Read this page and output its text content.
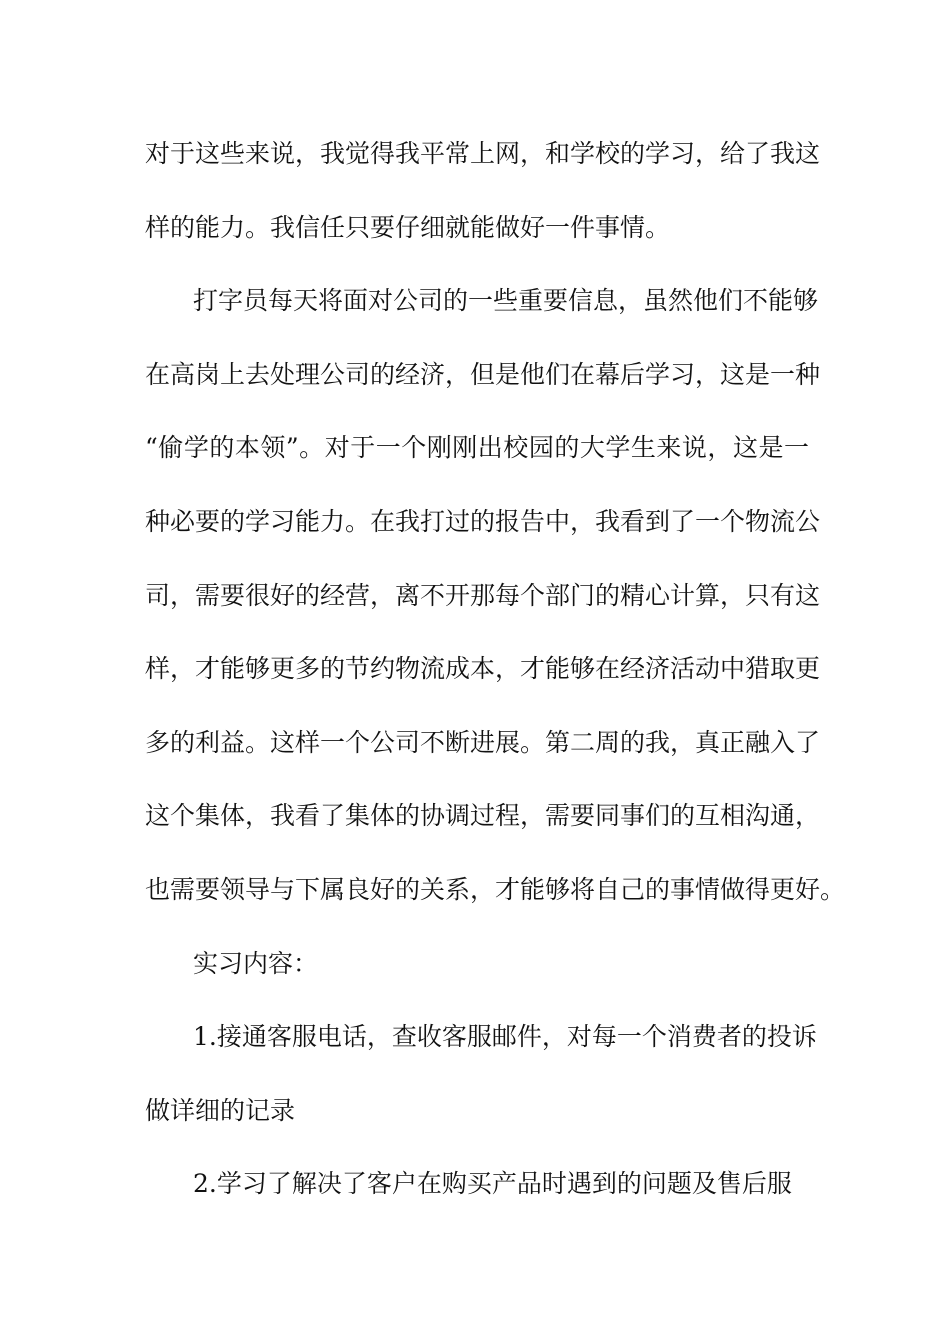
对于这些来说，我觉得我平常上网，和学校的学习，给了我这
样的能力。我信任只要仔细就能做好一件事情。
打字员每天将面对公司的一些重要信息，虽然他们不能够
在高岗上去处理公司的经济，但是他们在幕后学习，这是一种
“偷学的本领”。对于一个刚刚出校园的大学生来说，这是一
种必要的学习能力。在我打过的报告中，我看到了一个物流公
司，需要很好的经营，离不开那每个部门的精心计算，只有这
样，才能够更多的节约物流成本，才能够在经济活动中猎取更
多的利益。这样一个公司不断进展。第二周的我，真正融入了
这个集体，我看了集体的协调过程，需要同事们的互相沟通，
也需要领导与下属良好的关系，才能够将自己的事情做得更好。
实习内容：
1.接通客服电话，查收客服邮件，对每一个消费者的投诉
做详细的记录
2.学习了解决了客户在购买产品时遇到的问题及售后服
